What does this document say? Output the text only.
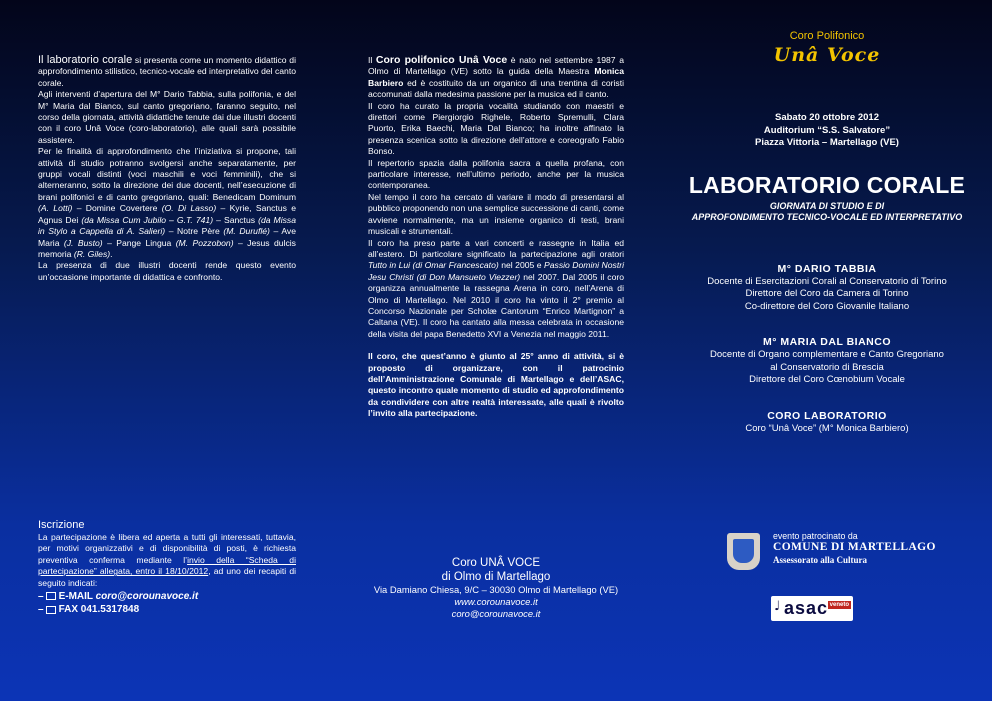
Il laboratorio corale si presenta come un momento didattico di approfondimento stilistico, tecnico-vocale ed interpretativo del canto corale.

Agli interventi d’apertura del M° Dario Tabbia, sulla polifonia, e del M° Maria dal Bianco, sul canto gregoriano, faranno seguito, nel corso della giornata, attività didattiche tenute dai due illustri docenti con il coro Unâ Voce (coro-laboratorio), alle quali sarà possibile assistere.

Per le finalità di approfondimento che l’iniziativa si propone, tali attività di studio potranno svolgersi anche separatamente, per gruppi vocali distinti (voci maschili e voci femminili), che si alterneranno, sotto la direzione dei due docenti, nell’esecuzione di brani polifonici e di canto gregoriano, quali: Benedicam Dominum (A. Lotti) – Domine Covertere (O. Di Lasso) – Kyrie, Sanctus e Agnus Dei (da Missa Cum Jubilo – G.T. 741) – Sanctus (da Missa in Stylo a Cappella di A. Salieri) – Notre Père (M. Duruflé) – Ave Maria (J. Busto) – Pange Lingua (M. Pozzobon) – Jesus dulcis memoria (R. Giles).

La presenza di due illustri docenti rende questo evento un’occasione importante di didattica e confronto.

Iscrizione

La partecipazione è libera ed aperta a tutti gli interessati, tuttavia, per motivi organizzativi e di disponibilità di posti, è richiesta preventiva conferma mediante l’invio della “Scheda di partecipazione” allegata, entro il 18/10/2012, ad uno dei recapiti di seguito indicati:

– E-MAIL coro@corounavoce.it
– FAX 041.5317848

Il Coro polifonico Unâ Voce è nato nel settembre 1987 a Olmo di Martellago (VE) sotto la guida della Maestra Monica Barbiero ed è costituito da un organico di una trentina di coristi accomunati dalla medesima passione per la musica ed il canto.

Il coro ha curato la propria vocalità studiando con maestri e direttori come Piergiorgio Righele, Roberto Spremulli, Clara Puorto, Erika Baechi, Maria Dal Bianco; ha inoltre affinato la presenza scenica sotto la direzione dell’attore e coreografo Fabio Bonso.

Il repertorio spazia dalla polifonia sacra a quella profana, con particolare interesse, nell’ultimo periodo, anche per la musica contemporanea.

Nel tempo il coro ha cercato di variare il modo di presentarsi al pubblico proponendo non una semplice successione di canti, come avviene normalmente, ma un insieme organico di testi, brani musicali e strumentali.

Il coro ha preso parte a vari concerti e rassegne in Italia ed all’estero. Di particolare significato la partecipazione agli oratori Tutto in Lui (di Omar Francescato) nel 2005 e Passio Domini Nostri Jesu Christi (di Don Mansueto Viezzer) nel 2007. Dal 2005 il coro organizza annualmente la rassegna Arena in coro, nell’Arena di Olmo di Martellago. Nel 2010 il coro ha vinto il 2° premio al Concorso Nazionale per Scholæ Cantorum “Enrico Martignon” a Caltana (VE). Il coro ha cantato alla messa celebrata in occasione della visita del papa Benedetto XVI a Venezia nel maggio 2011.

Il coro, che quest’anno è giunto al 25° anno di attività, si è proposto di organizzare, con il patrocinio dell’Amministrazione Comunale di Martellago e dell’ASAC, questo incontro quale momento di studio ed approfondimento da condividere con altre realtà interessate, alle quali è rivolto l’invito alla partecipazione.

Coro UNÂ VOCE
di Olmo di Martellago
Via Damiano Chiesa, 9/C – 30030 Olmo di Martellago (VE)
www.corounavoce.it
coro@corounavoce.it
Coro Polifonico
Unâ Voce
Sabato 20 ottobre 2012
Auditorium “S.S. Salvatore”
Piazza Vittoria – Martellago (VE)
LABORATORIO CORALE
GIORNATA DI STUDIO E DI
APPROFONDIMENTO TECNICO-VOCALE ED INTERPRETATIVO
M° DARIO TABBIA
Docente di Esercitazioni Corali al Conservatorio di Torino
Direttore del Coro da Camera di Torino
Co-direttore del Coro Giovanile Italiano
M° MARIA DAL BIANCO
Docente di Organo complementare e Canto Gregoriano
al Conservatorio di Brescia
Direttore del Coro Cœnobium Vocale
CORO LABORATORIO
Coro “Unâ Voce” (M° Monica Barbiero)
evento patrocinato da
COMUNE DI MARTELLAGO
Assessorato alla Cultura
♩ asac veneto
